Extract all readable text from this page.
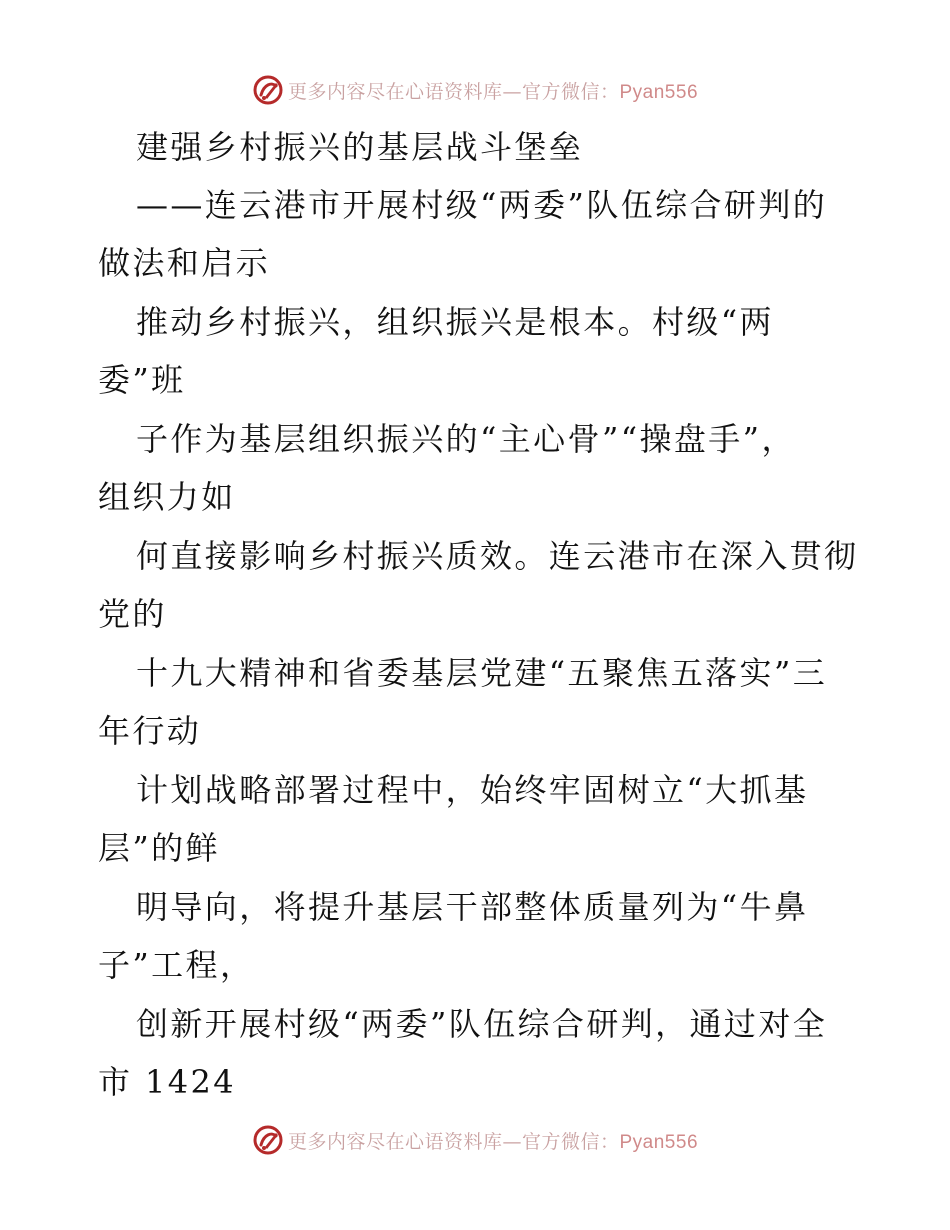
更多内容尽在心语资料库—官方微信：Pyan556
建强乡村振兴的基层战斗堡垒
——连云港市开展村级“两委”队伍综合研判的
做法和启示
推动乡村振兴，组织振兴是根本。村级“两
委”班
子作为基层组织振兴的“主心骨”“操盘手”，
组织力如
何直接影响乡村振兴质效。连云港市在深入贯彻
党的
十九大精神和省委基层党建“五聚焦五落实”三
年行动
计划战略部署过程中，始终牢固树立“大抓基
层”的鲜
明导向，将提升基层干部整体质量列为“牛鼻
子”工程，
创新开展村级“两委”队伍综合研判，通过对全
市 1424
更多内容尽在心语资料库—官方微信：Pyan556
